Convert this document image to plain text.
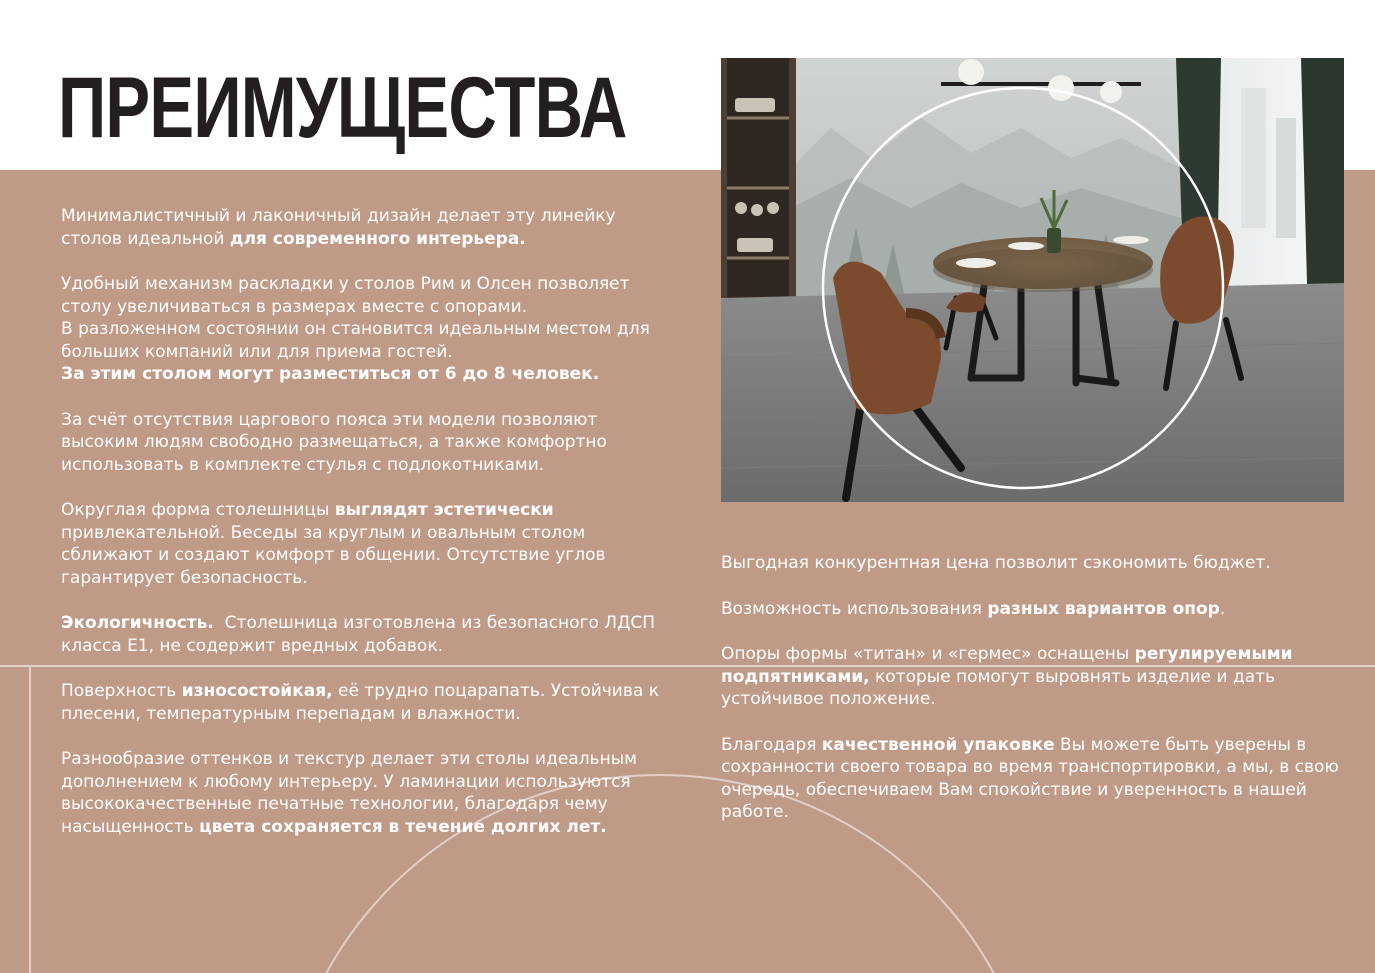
ПРЕИМУЩЕСТВА

Минималистичный и лаконичный дизайн делает эту линейку столов идеальной для современного интерьера.

Удобный механизм раскладки у столов Рим и Олсен позволяет столу увеличиваться в размерах вместе с опорами.
В разложенном состоянии он становится идеальным местом для больших компаний или для приема гостей.
За этим столом могут разместиться от 6 до 8 человек.

За счёт отсутствия царгового пояса эти модели позволяют высоким людям свободно размещаться, а также комфортно использовать в комплекте стулья с подлокотниками.

Округлая форма столешницы выглядят эстетически привлекательной. Беседы за круглым и овальным столом сближают и создают комфорт в общении. Отсутствие углов гарантирует безопасность.

Экологичность.  Столешница изготовлена из безопасного ЛДСП класса Е1, не содержит вредных добавок.

Поверхность износостойкая, её трудно поцарапать. Устойчива к плесени, температурным перепадам и влажности.

Разнообразие оттенков и текстур делает эти столы идеальным дополнением к любому интерьеру. У ламинации используются высококачественные печатные технологии, благодаря чему насыщенность цвета сохраняется в течение долгих лет.

Выгодная конкурентная цена позволит сэкономить бюджет.

Возможность использования разных вариантов опор.

Опоры формы «титан» и «гермес» оснащены регулируемыми подпятниками, которые помогут выровнять изделие и дать устойчивое положение.

Благодаря качественной упаковке Вы можете быть уверены в сохранности своего товара во время транспортировки, а мы, в свою очередь, обеспечиваем Вам спокойствие и уверенность в нашей работе.
